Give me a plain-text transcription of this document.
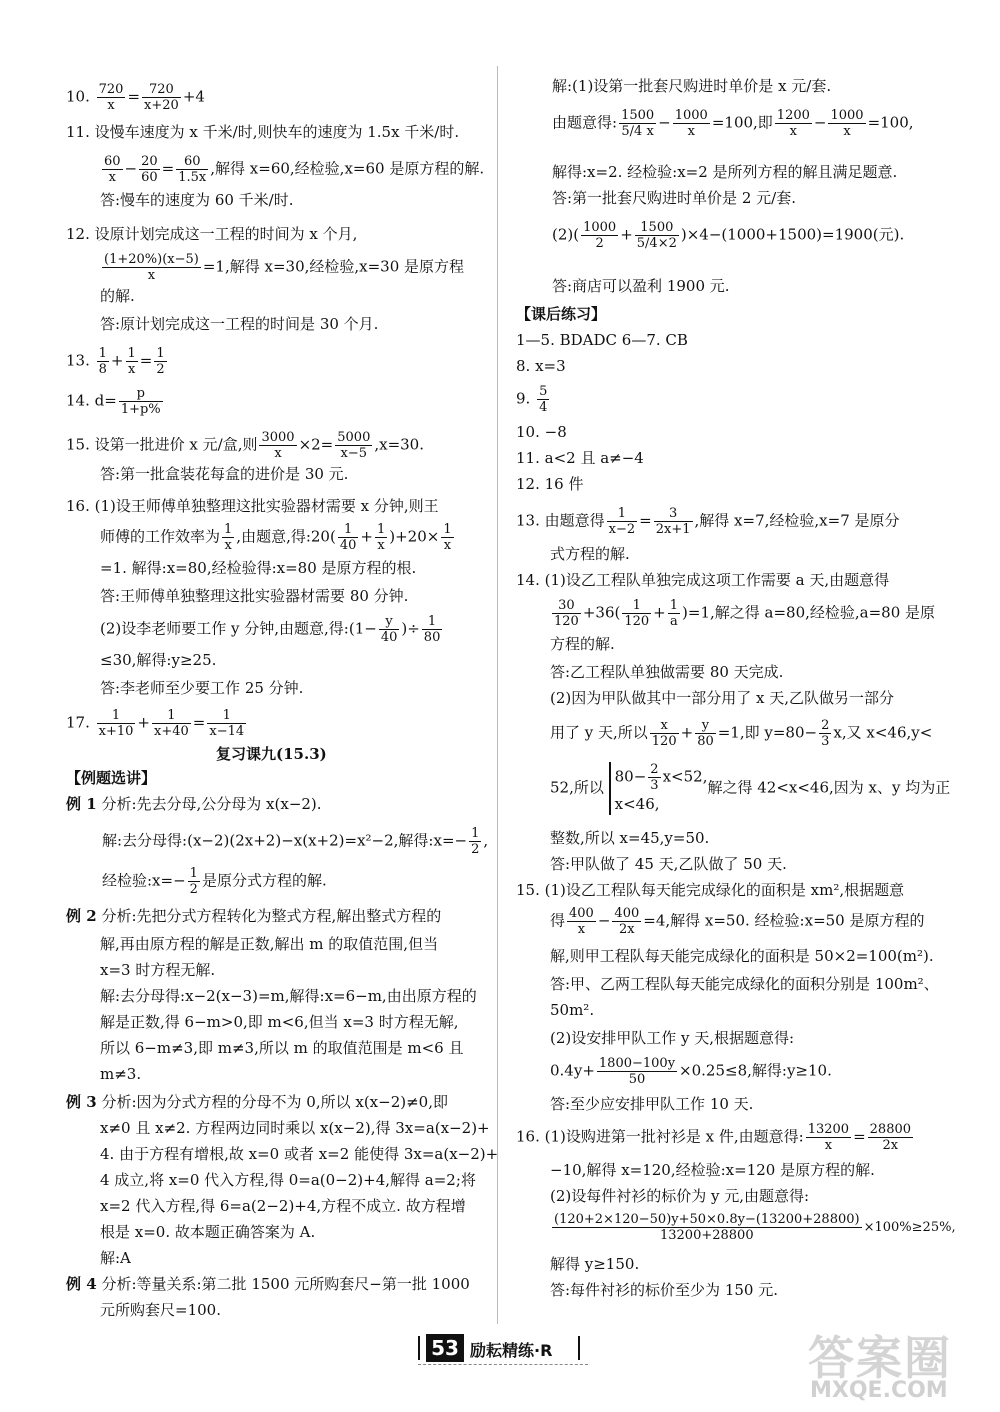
10. $\frac{720}{x} = \frac{720}{x+20} +4$
11. 设慢车速度为 x 千米/时,则快车的速度为 1.5x 千米/时.
$\frac{60}{x} - \frac{20}{60} = \frac{60}{1.5x}$ ,解得 x=60,经检验,x=60 是原方程的解.
答:慢车的速度为 60 千米/时.
12. 设原计划完成这一工程的时间为 x 个月,
$\frac{(1+20\%)(x-5)}{x} =1$,解得 x=30,经检验,x=30 是原方程
的解.
答:原计划完成这一工程的时间是 30 个月.
13. $\frac{1}{8} + \frac{1}{x} = \frac{1}{2}$
14. $d= \frac{p}{1+p\%}$
15. 设第一批进价 x 元/盒,则 $\frac{3000}{x} \times 2= \frac{5000}{x-5} ,x=30$.
答:第一批盒装花每盒的进价是 30 元.
16. (1)设王师傅单独整理这批实验器材需要 x 分钟,则王
师傅的工作效率为 $\frac{1}{x}$ ,由题意,得:20( $\frac{1}{40} + \frac{1}{x} )+20\times \frac{1}{x}$
=1. 解得:x=80,经检验得:x=80 是原方程的根.
答:王师傅单独整理这批实验器材需要 80 分钟.
(2)设李老师要工作 y 分钟,由题意,得:(1− $\frac{y}{40}$ )÷ $\frac{1}{80}$
≤30,解得:y≥25.
答:李老师至少要工作 25 分钟.
17. $\frac{1}{x+10} + \frac{1}{x+40} = \frac{1}{x-14}$
复习课九(15.3)
【例题选讲】
例 1 分析:先去分母,公分母为 x(x−2).
解:去分母得:(x−2)(2x+2)−x(x+2)=x²−2,解得:x=− $\frac{1}{2}$ ,
经检验:x=− $\frac{1}{2}$ 是原分式方程的解.
例 2 分析:先把分式方程转化为整式方程,解出整式方程的
解,再由原方程的解是正数,解出 m 的取值范围,但当
x=3 时方程无解.
解:去分母得:x−2(x−3)=m,解得:x=6−m,由出原方程的
解是正数,得 6−m>0,即 m<6,但当 x=3 时方程无解,
所以 6−m≠3,即 m≠3,所以 m 的取值范围是 m<6 且
m≠3.
例 3 分析:因为分式方程的分母不为 0,所以 x(x−2)≠0,即
x≠0 且 x≠2. 方程两边同时乘以 x(x−2),得 3x=a(x−2)+
4. 由于方程有增根,故 x=0 或者 x=2 能使得 3x=a(x−2)+
4 成立,将 x=0 代入方程,得 0=a(0−2)+4,解得 a=2;将
x=2 代入方程,得 6=a(2−2)+4,方程不成立. 故方程增
根是 x=0. 故本题正确答案为 A.
解:A
例 4 分析:等量关系:第二批 1500 元所购套尺−第一批 1000
元所购套尺=100.
解:(1)设第一批套尺购进时单价是 x 元/套.
由题意得: $\frac{1500}{5/4 x} - \frac{1000}{x} =100$,即 $\frac{1200}{x} - \frac{1000}{x} =100$,
解得:x=2. 经检验:x=2 是所列方程的解且满足题意.
答:第一批套尺购进时单价是 2 元/套.
$(2)( \frac{1000}{2} + \frac{1500}{5/4\times 2} )\times 4-(1000+1500)=1900$(元).
答:商店可以盈利 1900 元.
【课后练习】
1—5. BDADC 6—7. CB
8. x=3
9. $\frac{5}{4}$
10. −8
11. a<2 且 a≠−4
12. 16 件
13. 由题意得 $\frac{1}{x-2} = \frac{3}{2x+1}$ ,解得 x=7,经检验,x=7 是原分
式方程的解.
14. (1)设乙工程队单独完成这项工作需要 a 天,由题意得
$\frac{30}{120} +36( \frac{1}{120} + \frac{1}{a} )=1$,解之得 a=80,经检验,a=80 是原
方程的解.
答:乙工程队单独做需要 80 天完成.
(2)因为甲队做其中一部分用了 x 天,乙队做另一部分
用了 y 天,所以 $\frac{x}{120} + \frac{y}{80} =1$,即 $y=80- \frac{2}{3} x$,又 x<46,y<
52,所以
$80- \frac{2}{3} x<52$,
x<46,
解之得 42<x<46,因为 x、y 均为正
整数,所以 x=45,y=50.
答:甲队做了 45 天,乙队做了 50 天.
15. (1)设乙工程队每天能完成绿化的面积是 xm²,根据题意
得 $\frac{400}{x} - \frac{400}{2x} =4$,解得 x=50. 经检验:x=50 是原方程的
解,则甲工程队每天能完成绿化的面积是 50×2=100(m²).
答:甲、乙两工程队每天能完成绿化的面积分别是 100m²、
50m².
(2)设安排甲队工作 y 天,根据题意得:
$0.4y+ \frac{1800-100y}{50} \times 0.25\le 8$,解得:y≥10.
答:至少应安排甲队工作 10 天.
16. (1)设购进第一批衬衫是 x 件,由题意得: $\frac{13200}{x} = \frac{28800}{2x}$
−10,解得 x=120,经检验:x=120 是原方程的解.
(2)设每件衬衫的标价为 y 元,由题意得:
$\frac{(120+2\times 120-50)y+50\times 0.8y-(13200+28800)}{13200+28800} \times 100\%\ge 25\%$,
解得 y≥150.
答:每件衬衫的标价至少为 150 元.
53 励耘精练·R	答案圈
MXQE.COM
